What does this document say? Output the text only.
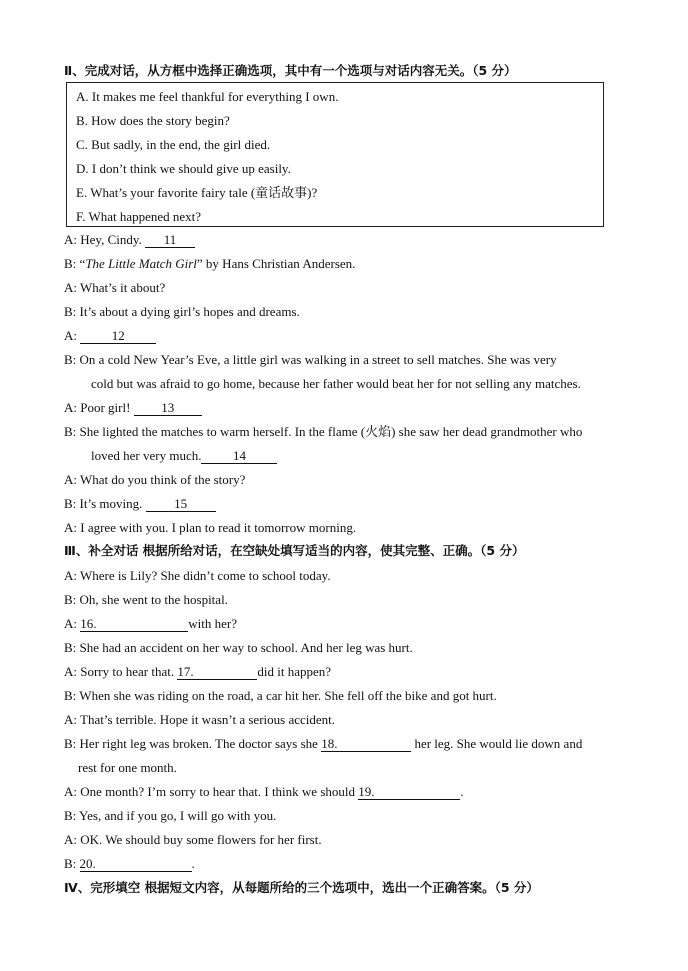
Ⅱ、完成对话，从方框中选择正确选项，其中有一个选项与对话内容无关。（5 分）
A. It makes me feel thankful for everything I own.
B. How does the story begin?
C. But sadly, in the end, the girl died.
D. I don’t think we should give up easily.
E. What’s your favorite fairy tale (童话故事)?
F. What happened next?
A: Hey, Cindy. 11
B: “The Little Match Girl” by Hans Christian Andersen.
A: What’s it about?
B: It’s about a dying girl’s hopes and dreams.
A: 12
B: On a cold New Year’s Eve, a little girl was walking in a street to sell matches. She was very
cold but was afraid to go home, because her father would beat her for not selling any matches.
A: Poor girl! 13
B: She lighted the matches to warm herself. In the flame (火焰) she saw her dead grandmother who
loved her very much. 14
A: What do you think of the story?
B: It’s moving. 15
A: I agree with you. I plan to read it tomorrow morning.
Ⅲ、补全对话 根据所给对话，在空缺处填写适当的内容，使其完整、正确。（5 分）
A: Where is Lily? She didn’t come to school today.
B: Oh, she went to the hospital.
A: 16.	with her?
B: She had an accident on her way to school. And her leg was hurt.
A: Sorry to hear that. 17.	did it happen?
B: When she was riding on the road, a car hit her. She fell off the bike and got hurt.
A: That’s terrible. Hope it wasn’t a serious accident.
B: Her right leg was broken. The doctor says she 18.	her leg. She would lie down and
rest for one month.
A: One month? I’m sorry to hear that. I think we should 19.	.
B: Yes, and if you go, I will go with you.
A: OK. We should buy some flowers for her first.
B: 20.	.
Ⅳ、完形填空 根据短文内容，从每题所给的三个选项中，选出一个正确答案。（5 分）
